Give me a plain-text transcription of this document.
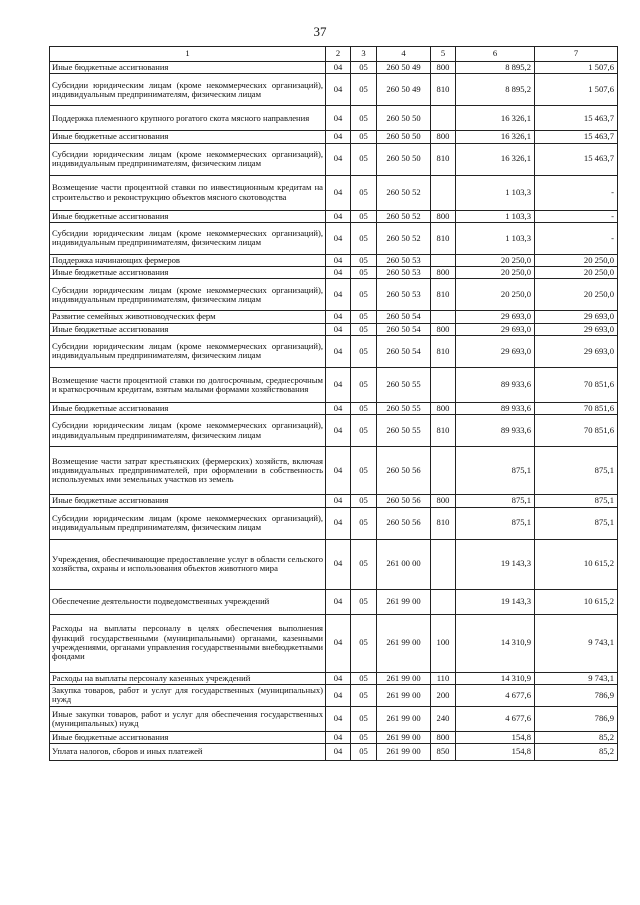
37
1	2	3	4	5	6	7
Иные бюджетные ассигнования	04	05	260 50 49	800	8 895,2	1 507,6
Субсидии юридическим лицам (кроме некоммерческих организаций), индивидуальным предпринимателям, физическим лицам	04	05	260 50 49	810	8 895,2	1 507,6
Поддержка племенного крупного рогатого скота мясного направления	04	05	260 50 50		16 326,1	15 463,7
Иные бюджетные ассигнования	04	05	260 50 50	800	16 326,1	15 463,7
Субсидии юридическим лицам (кроме некоммерческих организаций), индивидуальным предпринимателям, физическим лицам	04	05	260 50 50	810	16 326,1	15 463,7
Возмещение части процентной ставки по инвестиционным кредитам на строительство и реконструкцию объектов мясного скотоводства	04	05	260 50 52		1 103,3	-
Иные бюджетные ассигнования	04	05	260 50 52	800	1 103,3	-
Субсидии юридическим лицам (кроме некоммерческих организаций), индивидуальным предпринимателям, физическим лицам	04	05	260 50 52	810	1 103,3	-
Поддержка начинающих фермеров	04	05	260 50 53		20 250,0	20 250,0
Иные бюджетные ассигнования	04	05	260 50 53	800	20 250,0	20 250,0
Субсидии юридическим лицам (кроме некоммерческих организаций), индивидуальным предпринимателям, физическим лицам	04	05	260 50 53	810	20 250,0	20 250,0
Развитие семейных животноводческих ферм	04	05	260 50 54		29 693,0	29 693,0
Иные бюджетные ассигнования	04	05	260 50 54	800	29 693,0	29 693,0
Субсидии юридическим лицам (кроме некоммерческих организаций), индивидуальным предпринимателям, физическим лицам	04	05	260 50 54	810	29 693,0	29 693,0
Возмещение части процентной ставки по долгосрочным, среднесрочным и краткосрочным кредитам, взятым малыми формами хозяйствования	04	05	260 50 55		89 933,6	70 851,6
Иные бюджетные ассигнования	04	05	260 50 55	800	89 933,6	70 851,6
Субсидии юридическим лицам (кроме некоммерческих организаций), индивидуальным предпринимателям, физическим лицам	04	05	260 50 55	810	89 933,6	70 851,6
Возмещение части затрат крестьянских (фермерских) хозяйств, включая индивидуальных предпринимателей, при оформлении в собственность используемых ими земельных участков из земель	04	05	260 50 56		875,1	875,1
Иные бюджетные ассигнования	04	05	260 50 56	800	875,1	875,1
Субсидии юридическим лицам (кроме некоммерческих организаций), индивидуальным предпринимателям, физическим лицам	04	05	260 50 56	810	875,1	875,1
Учреждения, обеспечивающие предоставление услуг в области сельского хозяйства, охраны и использования объектов животного мира	04	05	261 00 00		19 143,3	10 615,2
Обеспечение деятельности подведомственных учреждений	04	05	261 99 00		19 143,3	10 615,2
Расходы на выплаты персоналу в целях обеспечения выполнения функций государственными (муниципальными) органами, казенными учреждениями, органами управления государственными внебюджетными фондами	04	05	261 99 00	100	14 310,9	9 743,1
Расходы на выплаты персоналу казенных учреждений	04	05	261 99 00	110	14 310,9	9 743,1
Закупка товаров, работ и услуг для государственных (муниципальных) нужд	04	05	261 99 00	200	4 677,6	786,9
Иные закупки товаров, работ и услуг для обеспечения государственных (муниципальных) нужд	04	05	261 99 00	240	4 677,6	786,9
Иные бюджетные ассигнования	04	05	261 99 00	800	154,8	85,2
Уплата налогов, сборов и иных платежей	04	05	261 99 00	850	154,8	85,2
